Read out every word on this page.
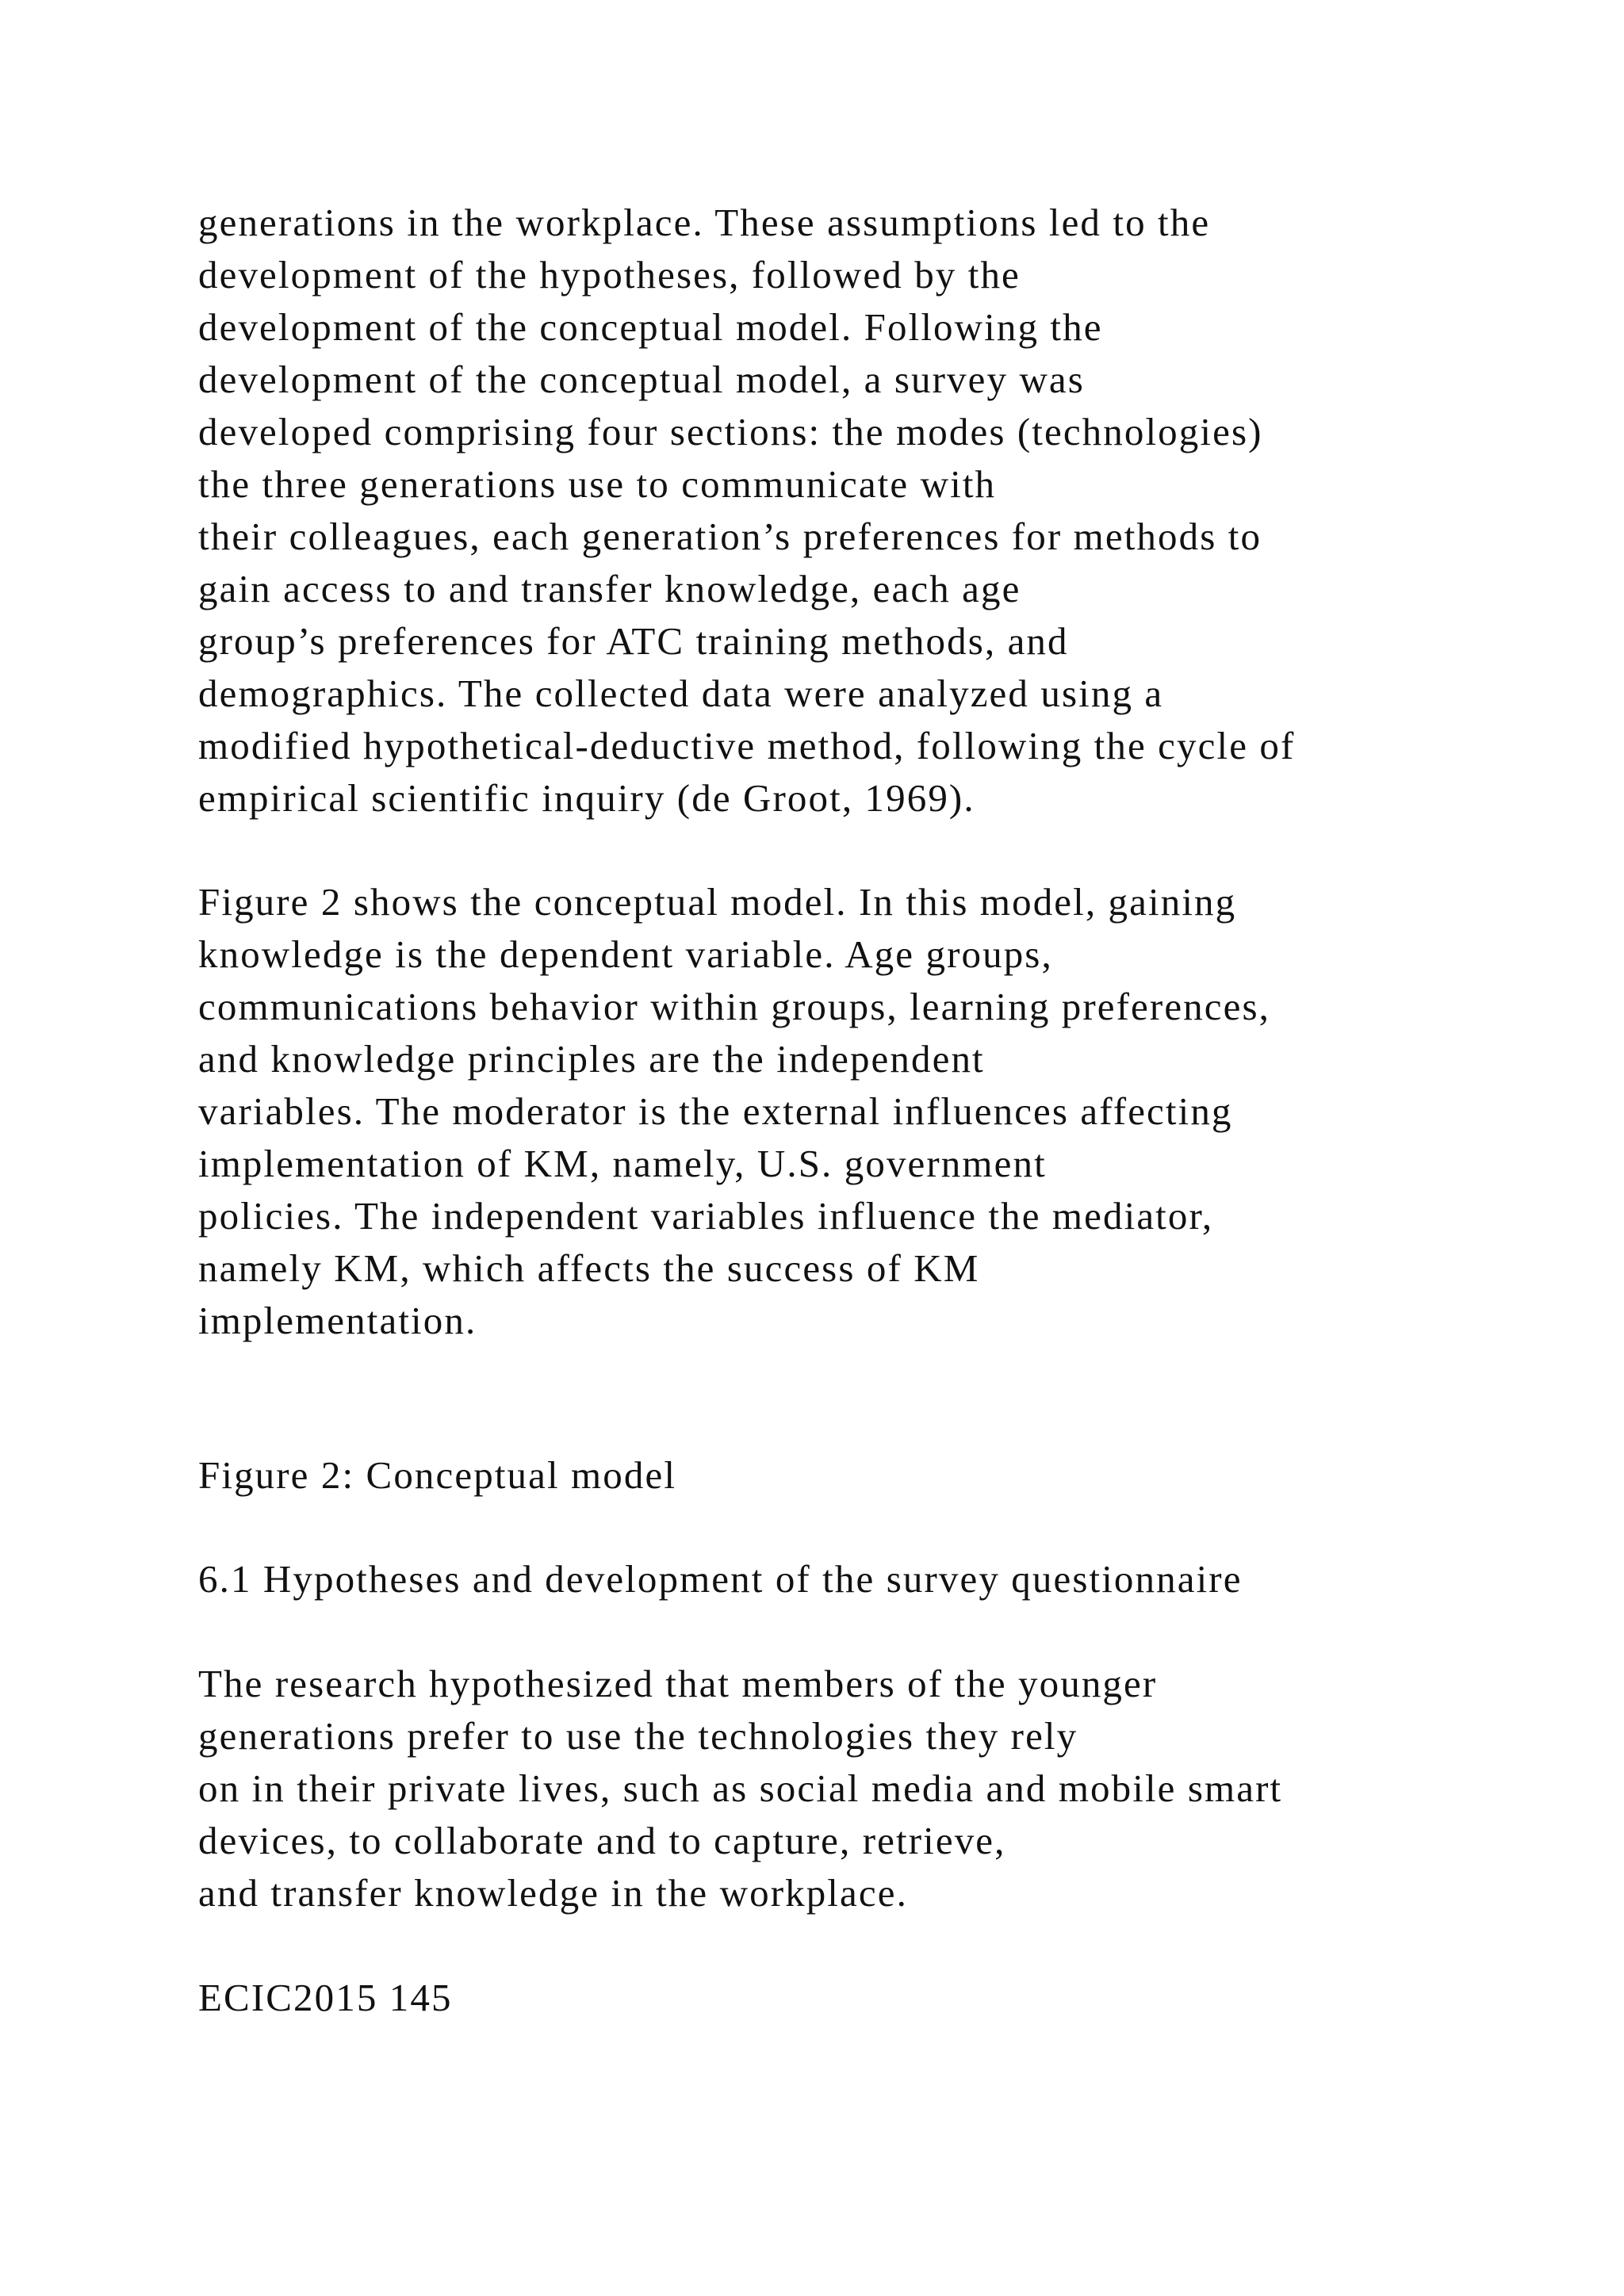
generations in the workplace. These assumptions led to the
development of the hypotheses, followed by the
development of the conceptual model. Following the
development of the conceptual model, a survey was
developed comprising four sections: the modes (technologies)
the three generations use to communicate with
their colleagues, each generation’s preferences for methods to
gain access to and transfer knowledge, each age
group’s preferences for ATC training methods, and
demographics. The collected data were analyzed using a
modified hypothetical-deductive method, following the cycle of
empirical scientific inquiry (de Groot, 1969).
Figure 2 shows the conceptual model. In this model, gaining
knowledge is the dependent variable. Age groups,
communications behavior within groups, learning preferences,
and knowledge principles are the independent
variables. The moderator is the external influences affecting
implementation of KM, namely, U.S. government
policies. The independent variables influence the mediator,
namely KM, which affects the success of KM
implementation.
Figure 2: Conceptual model
6.1 Hypotheses and development of the survey questionnaire
The research hypothesized that members of the younger
generations prefer to use the technologies they rely
on in their private lives, such as social media and mobile smart
devices, to collaborate and to capture, retrieve,
and transfer knowledge in the workplace.
ECIC2015 145
